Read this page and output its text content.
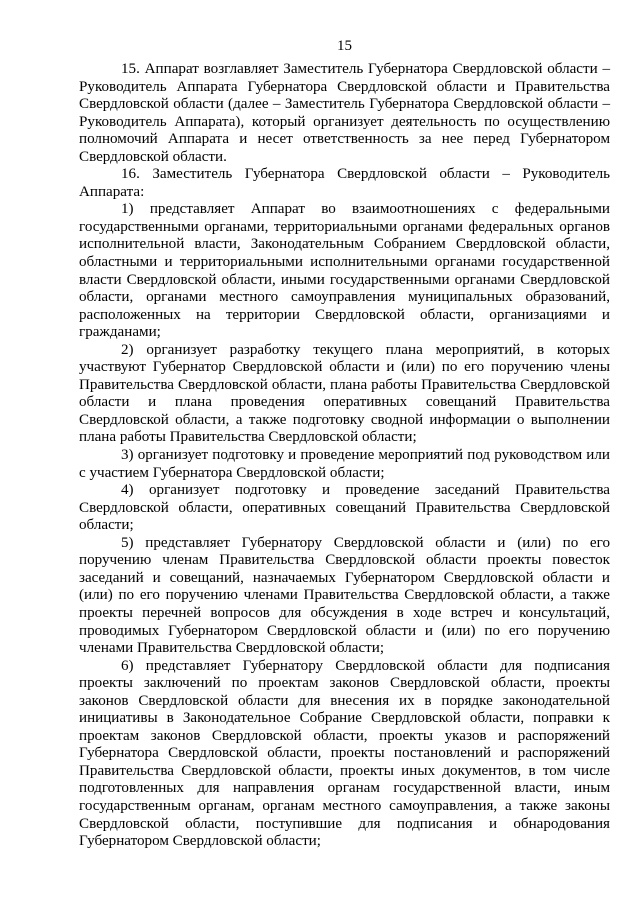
15

15. Аппарат возглавляет Заместитель Губернатора Свердловской области – Руководитель Аппарата Губернатора Свердловской области и Правительства Свердловской области (далее – Заместитель Губернатора Свердловской области – Руководитель Аппарата), который организует деятельность по осуществлению полномочий Аппарата и несет ответственность за нее перед Губернатором Свердловской области.

16. Заместитель Губернатора Свердловской области – Руководитель Аппарата:

1) представляет Аппарат во взаимоотношениях с федеральными государственными органами, территориальными органами федеральных органов исполнительной власти, Законодательным Собранием Свердловской области, областными и территориальными исполнительными органами государственной власти Свердловской области, иными государственными органами Свердловской области, органами местного самоуправления муниципальных образований, расположенных на территории Свердловской области, организациями и гражданами;

2) организует разработку текущего плана мероприятий, в которых участвуют Губернатор Свердловской области и (или) по его поручению члены Правительства Свердловской области, плана работы Правительства Свердловской области и плана проведения оперативных совещаний Правительства Свердловской области, а также подготовку сводной информации о выполнении плана работы Правительства Свердловской области;

3) организует подготовку и проведение мероприятий под руководством или с участием Губернатора Свердловской области;

4) организует подготовку и проведение заседаний Правительства Свердловской области, оперативных совещаний Правительства Свердловской области;

5) представляет Губернатору Свердловской области и (или) по его поручению членам Правительства Свердловской области проекты повесток заседаний и совещаний, назначаемых Губернатором Свердловской области и (или) по его поручению членами Правительства Свердловской области, а также проекты перечней вопросов для обсуждения в ходе встреч и консультаций, проводимых Губернатором Свердловской области и (или) по его поручению членами Правительства Свердловской области;

6) представляет Губернатору Свердловской области для подписания проекты заключений по проектам законов Свердловской области, проекты законов Свердловской области для внесения их в порядке законодательной инициативы в Законодательное Собрание Свердловской области, поправки к проектам законов Свердловской области, проекты указов и распоряжений Губернатора Свердловской области, проекты постановлений и распоряжений Правительства Свердловской области, проекты иных документов, в том числе подготовленных для направления органам государственной власти, иным государственным органам, органам местного самоуправления, а также законы Свердловской области, поступившие для подписания и обнародования Губернатором Свердловской области;
